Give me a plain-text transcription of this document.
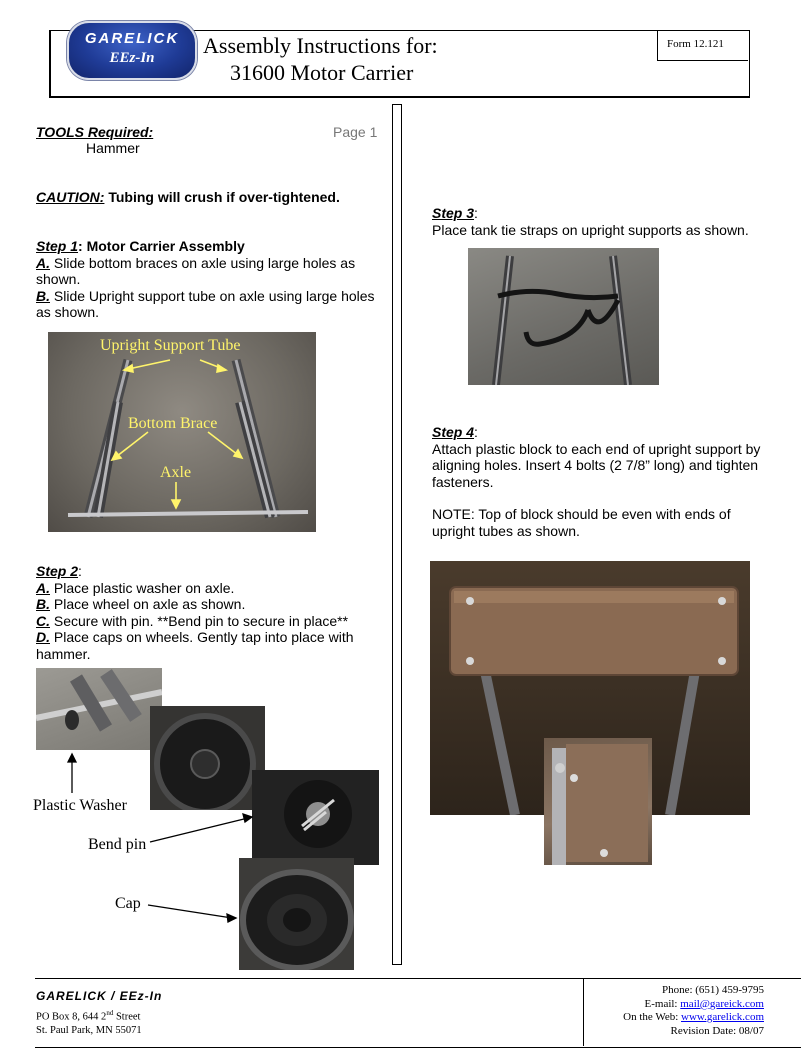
Form 12.121
GARELICK
EEz-In	Assembly Instructions for:
31600 Motor Carrier
TOOLS Required:
Hammer
Page 1
CAUTION: Tubing will crush if over-tightened.
Step 1: Motor Carrier Assembly
A. Slide bottom braces on axle using large holes as
shown.
B. Slide Upright support tube on axle using large holes
as shown.
Upright Support Tube
Bottom Brace
Axle
Step 2:
A. Place plastic washer on axle.
B. Place wheel on axle as shown.
C. Secure with pin. **Bend pin to secure in place**
D. Place caps on wheels. Gently tap into place with
hammer.
Plastic Washer
Bend pin
Cap
Step 3:
Place tank tie straps on upright supports as shown.
Step 4:
Attach plastic block to each end of upright support by
aligning holes. Insert 4 bolts (2 7/8” long) and tighten
fasteners.
NOTE: Top of block should be even with ends of
upright tubes as shown.
GARELICK / EEz-In
PO Box 8, 644 2nd Street
St. Paul Park, MN 55071
Phone: (651) 459-9795
E-mail: mail@gareick.com
On the Web: www.garelick.com
Revision Date: 08/07
